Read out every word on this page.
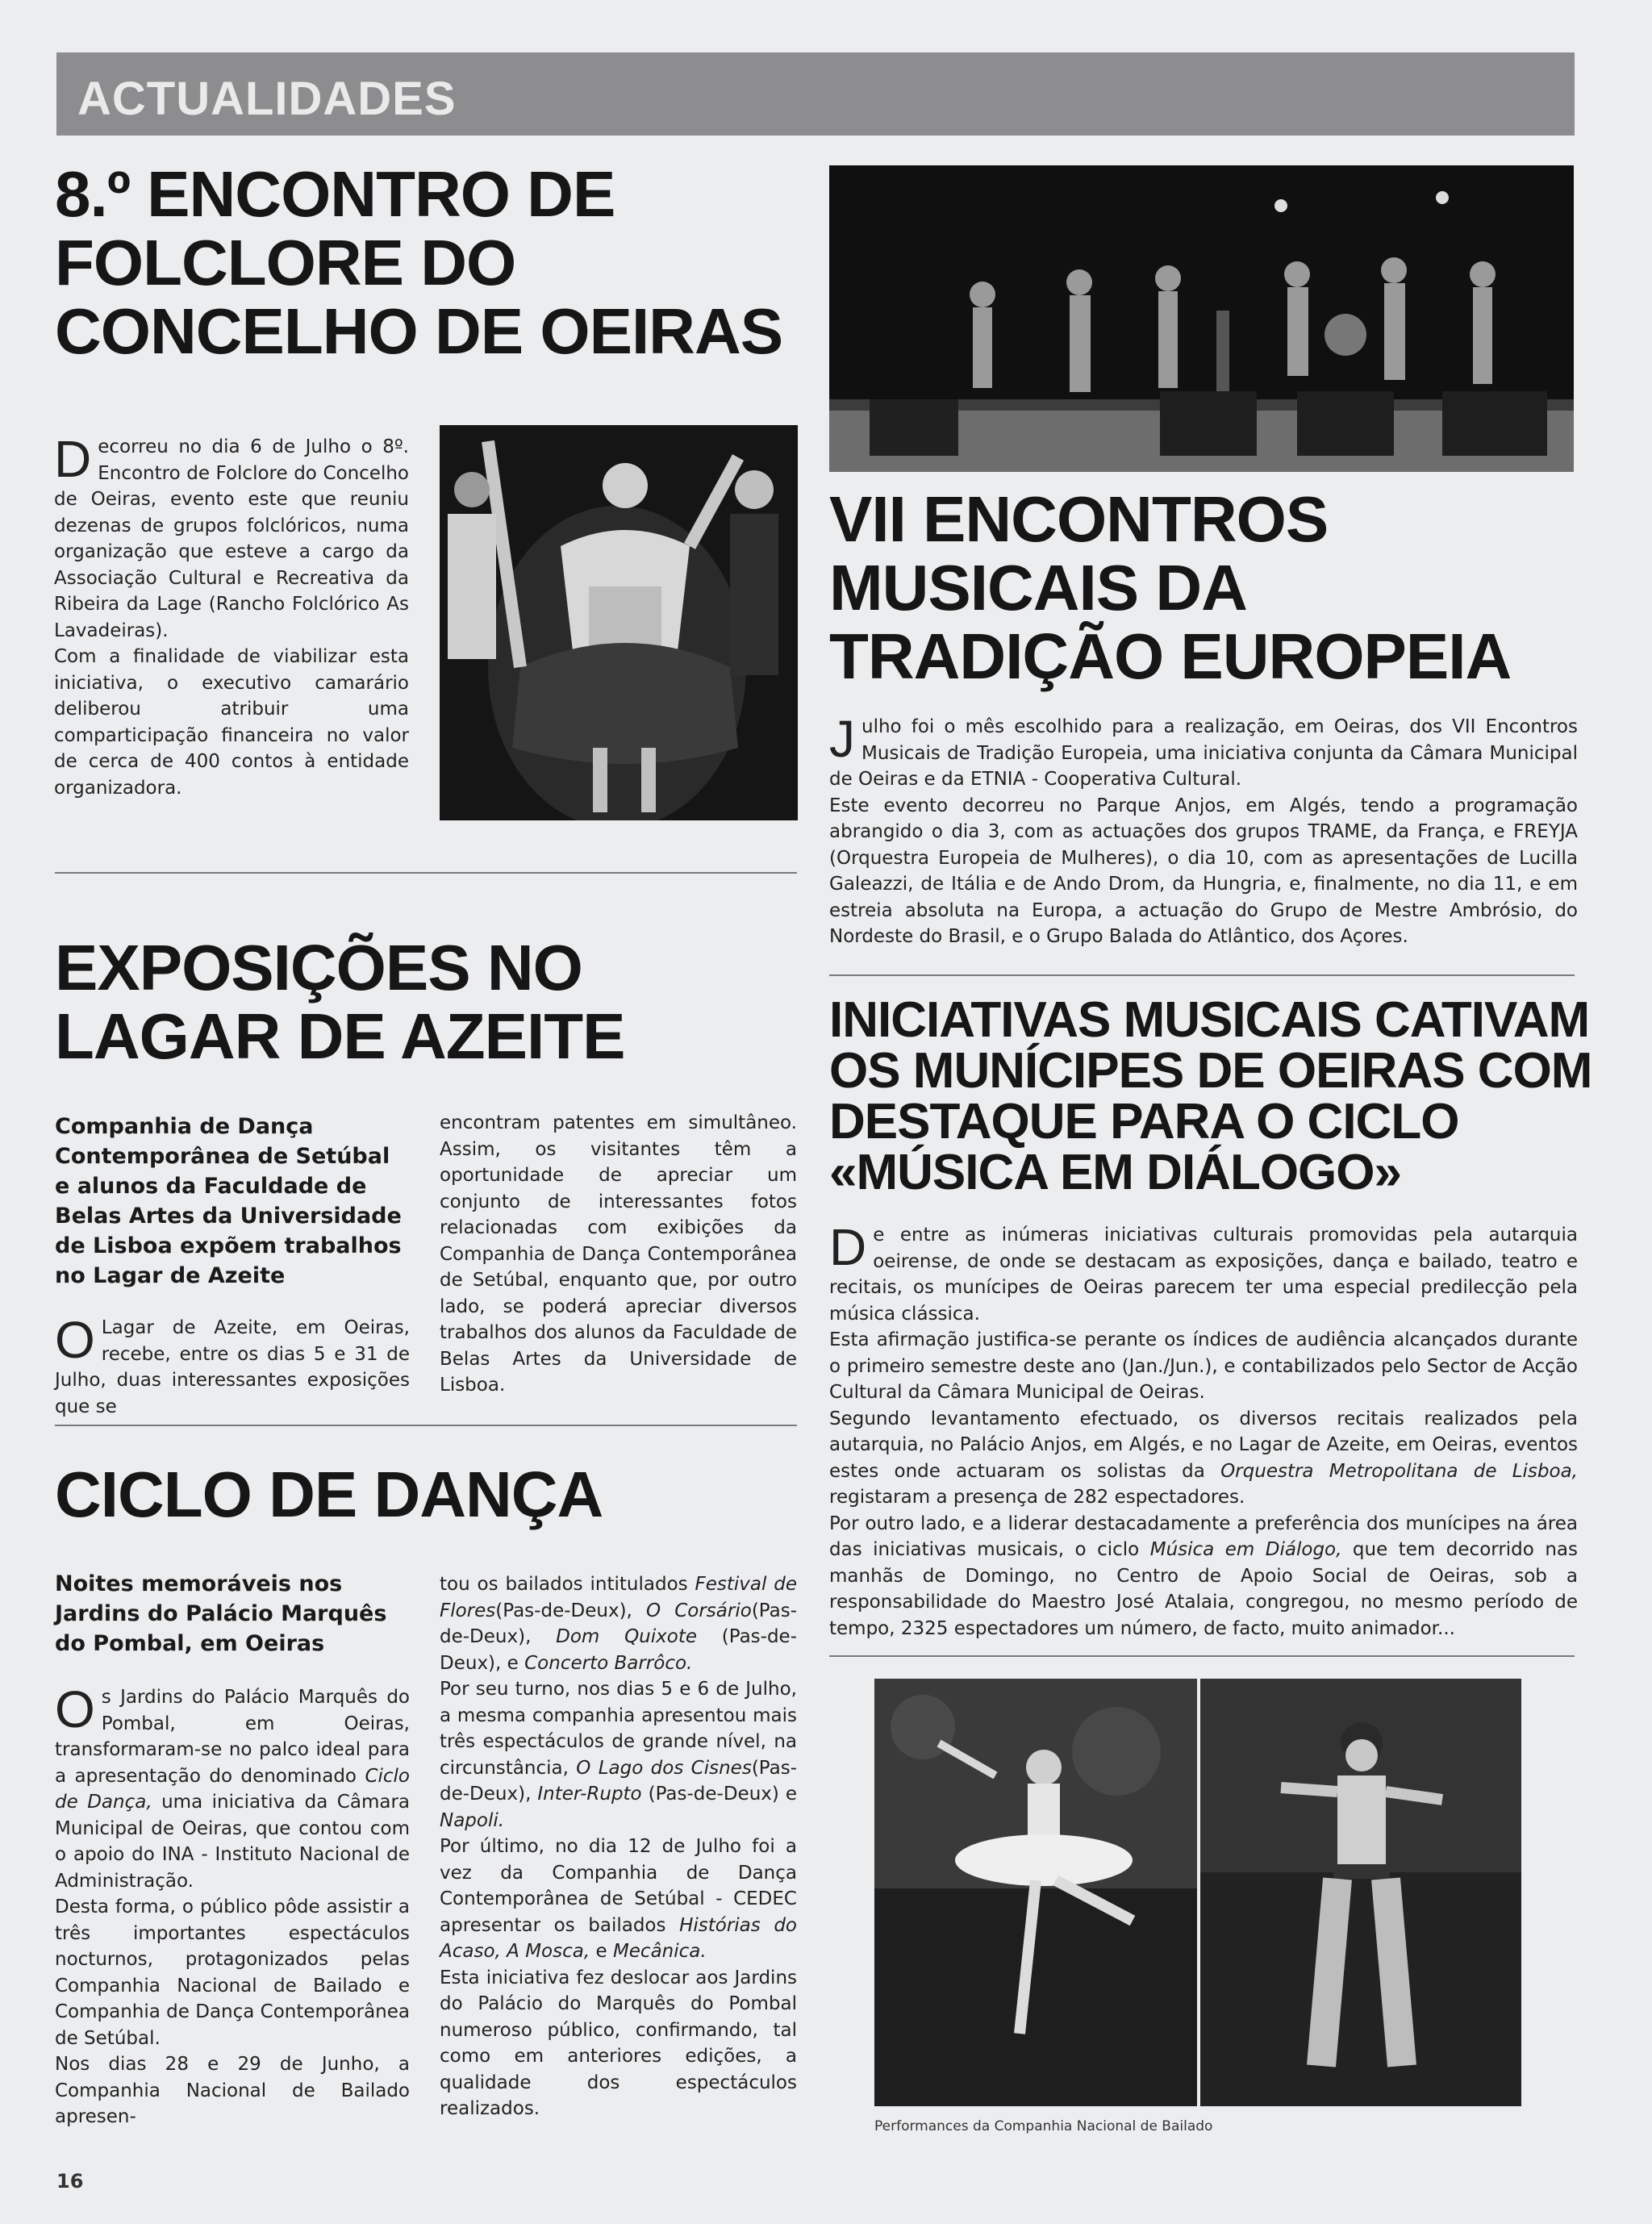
ACTUALIDADES
8.º ENCONTRO DE
FOLCLORE DO
CONCELHO DE OEIRAS

Decorreu no dia 6 de Julho o 8º. Encontro de Folclore do Concelho de Oeiras, evento este que reuniu dezenas de grupos folclóricos, numa organização que esteve a cargo da Associação Cultural e Recreativa da Ribeira da Lage (Rancho Folclórico As Lavadeiras).

Com a finalidade de viabilizar esta iniciativa, o executivo camarário deliberou atribuir uma comparticipação financeira no valor de cerca de 400 contos à entidade organizadora.

EXPOSIÇÕES NO
LAGAR DE AZEITE

Companhia de Dança Contemporânea de Setúbal e alunos da Faculdade de Belas Artes da Universidade de Lisboa expõem trabalhos no Lagar de Azeite

O Lagar de Azeite, em Oeiras, recebe, entre os dias 5 e 31 de Julho, duas interessantes exposições que se

encontram patentes em simultâneo. Assim, os visitantes têm a oportunidade de apreciar um conjunto de interessantes fotos relacionadas com exibições da Companhia de Dança Contemporânea de Setúbal, enquanto que, por outro lado, se poderá apreciar diversos trabalhos dos alunos da Faculdade de Belas Artes da Universidade de Lisboa.

CICLO DE DANÇA

Noites memoráveis nos Jardins do Palácio Marquês do Pombal, em Oeiras

Os Jardins do Palácio Marquês do Pombal, em Oeiras, transformaram-se no palco ideal para a apresentação do denominado Ciclo de Dança, uma iniciativa da Câmara Municipal de Oeiras, que contou com o apoio do INA - Instituto Nacional de Administração.

Desta forma, o público pôde assistir a três importantes espectáculos nocturnos, protagonizados pelas Companhia Nacional de Bailado e Companhia de Dança Contemporânea de Setúbal.

Nos dias 28 e 29 de Junho, a Companhia Nacional de Bailado apresen-

tou os bailados intitulados Festival de Flores(Pas-de-Deux), O Corsário(Pas-de-Deux), Dom Quixote (Pas-de-Deux), e Concerto Barrôco.

Por seu turno, nos dias 5 e 6 de Julho, a mesma companhia apresentou mais três espectáculos de grande nível, na circunstância, O Lago dos Cisnes(Pas-de-Deux), Inter-Rupto (Pas-de-Deux) e Napoli.

Por último, no dia 12 de Julho foi a vez da Companhia de Dança Contemporânea de Setúbal - CEDEC apresentar os bailados Histórias do Acaso, A Mosca, e Mecânica.

Esta iniciativa fez deslocar aos Jardins do Palácio do Marquês do Pombal numeroso público, confirmando, tal como em anteriores edições, a qualidade dos espectáculos realizados.

VII ENCONTROS
MUSICAIS DA
TRADIÇÃO EUROPEIA

Julho foi o mês escolhido para a realização, em Oeiras, dos VII Encontros Musicais de Tradição Europeia, uma iniciativa conjunta da Câmara Municipal de Oeiras e da ETNIA - Cooperativa Cultural.

Este evento decorreu no Parque Anjos, em Algés, tendo a programação abrangido o dia 3, com as actuações dos grupos TRAME, da França, e FREYJA (Orquestra Europeia de Mulheres), o dia 10, com as apresentações de Lucilla Galeazzi, de Itália e de Ando Drom, da Hungria, e, finalmente, no dia 11, e em estreia absoluta na Europa, a actuação do Grupo de Mestre Ambrósio, do Nordeste do Brasil, e o Grupo Balada do Atlântico, dos Açores.

INICIATIVAS MUSICAIS CATIVAM
OS MUNÍCIPES DE OEIRAS COM
DESTAQUE PARA O CICLO
«MÚSICA EM DIÁLOGO»

De entre as inúmeras iniciativas culturais promovidas pela autarquia oeirense, de onde se destacam as exposições, dança e bailado, teatro e recitais, os munícipes de Oeiras parecem ter uma especial predilecção pela música clássica.

Esta afirmação justifica-se perante os índices de audiência alcançados durante o primeiro semestre deste ano (Jan./Jun.), e contabilizados pelo Sector de Acção Cultural da Câmara Municipal de Oeiras.

Segundo levantamento efectuado, os diversos recitais realizados pela autarquia, no Palácio Anjos, em Algés, e no Lagar de Azeite, em Oeiras, eventos estes onde actuaram os solistas da Orquestra Metropolitana de Lisboa, registaram a presença de 282 espectadores.

Por outro lado, e a liderar destacadamente a preferência dos munícipes na área das iniciativas musicais, o ciclo Música em Diálogo, que tem decorrido nas manhãs de Domingo, no Centro de Apoio Social de Oeiras, sob a responsabilidade do Maestro José Atalaia, congregou, no mesmo período de tempo, 2325 espectadores um número, de facto, muito animador...

Performances da Companhia Nacional de Bailado
16
